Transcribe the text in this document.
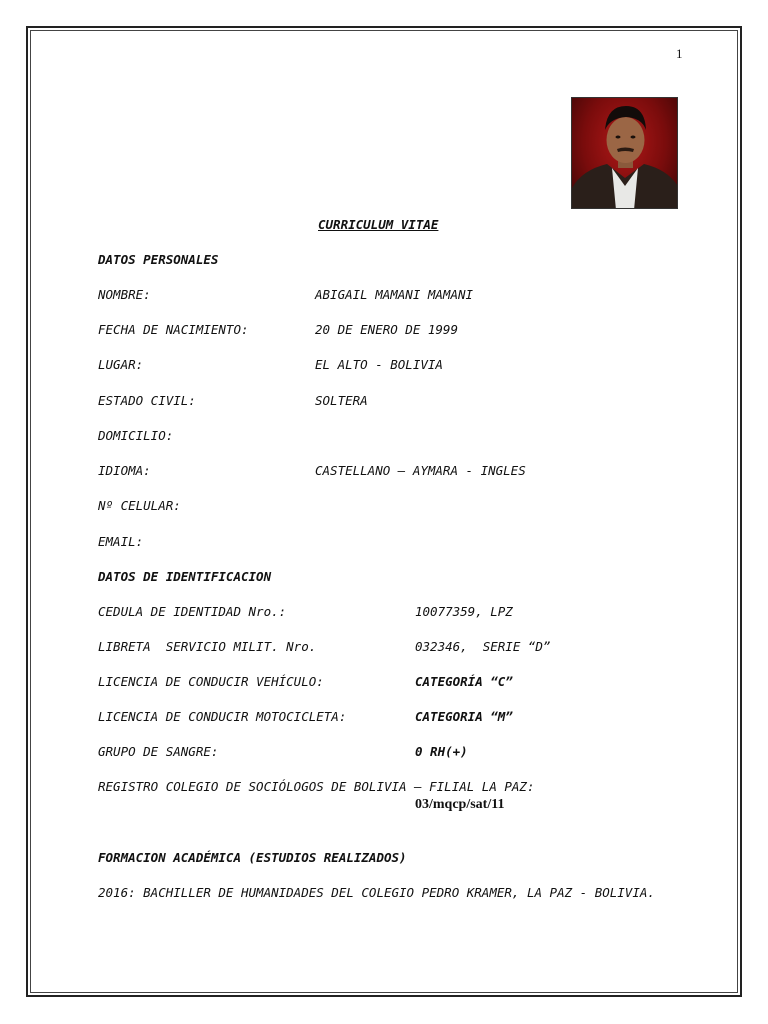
1
CURRICULUM VITAE
DATOS PERSONALES
NOMBRE:	ABIGAIL MAMANI MAMANI
FECHA DE NACIMIENTO:	20 DE ENERO DE 1999
LUGAR:	EL ALTO - BOLIVIA
ESTADO CIVIL:	SOLTERA
DOMICILIO:
IDIOMA:	CASTELLANO – AYMARA - INGLES
Nº CELULAR:
EMAIL:
DATOS DE IDENTIFICACION
CEDULA DE IDENTIDAD Nro.:	10077359, LPZ
LIBRETA  SERVICIO MILIT. Nro.	032346,  SERIE “D”
LICENCIA DE CONDUCIR VEHÍCULO:	CATEGORÍA “C”
LICENCIA DE CONDUCIR MOTOCICLETA:	CATEGORIA “M”
GRUPO DE SANGRE:	0 RH(+)
REGISTRO COLEGIO DE SOCIÓLOGOS DE BOLIVIA – FILIAL LA PAZ:
03/mqcp/sat/11
FORMACION ACADÉMICA (ESTUDIOS REALIZADOS)
2016: BACHILLER DE HUMANIDADES DEL COLEGIO PEDRO KRAMER, LA PAZ - BOLIVIA.
